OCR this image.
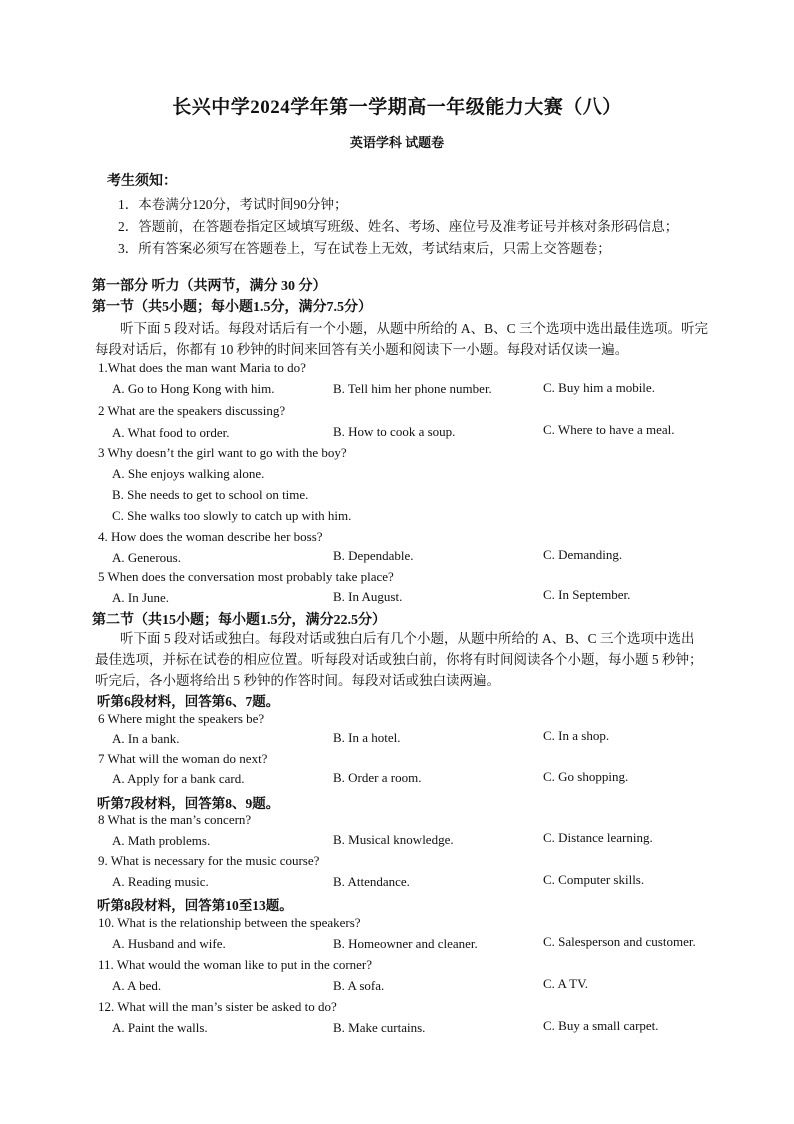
长兴中学2024学年第一学期高一年级能力大赛（八）
英语学科 试题卷
考生须知：
1．本卷满分120分，考试时间90分钟；
2．答题前，在答题卷指定区域填写班级、姓名、考场、座位号及准考证号并核对条形码信息；
3．所有答案必须写在答题卷上，写在试卷上无效，考试结束后，只需上交答题卷；
第一部分 听力（共两节，满分 30 分）
第一节（共5小题；每小题1.5分，满分7.5分）
听下面 5 段对话。每段对话后有一个小题，从题中所给的 A、B、C 三个选项中选出最佳选项。听完
每段对话后，你都有 10 秒钟的时间来回答有关小题和阅读下一小题。每段对话仅读一遍。
1.What does the man want Maria to do?
A. Go to Hong Kong with him.	B. Tell him her phone number.	C. Buy him a mobile.
2 What are the speakers discussing?
A. What food to order.	B. How to cook a soup.	C. Where to have a meal.
3 Why doesn’t the girl want to go with the boy?
A. She enjoys walking alone.
B. She needs to get to school on time.
C. She walks too slowly to catch up with him.
4. How does the woman describe her boss?
A. Generous.	B. Dependable.	C. Demanding.
5 When does the conversation most probably take place?
A. In June.	B. In August.	C. In September.
第二节（共15小题；每小题1.5分，满分22.5分）
听下面 5 段对话或独白。每段对话或独白后有几个小题，从题中所给的 A、B、C 三个选项中选出
最佳选项，并标在试卷的相应位置。听每段对话或独白前，你将有时间阅读各个小题，每小题 5 秒钟；
听完后，各小题将给出 5 秒钟的作答时间。每段对话或独白读两遍。
听第6段材料，回答第6、7题。
6 Where might the speakers be?
A. In a bank.	B. In a hotel.	C. In a shop.
7 What will the woman do next?
A. Apply for a bank card.	B. Order a room.	C. Go shopping.
听第7段材料，回答第8、9题。
8 What is the man’s concern?
A. Math problems.	B. Musical knowledge.	C. Distance learning.
9. What is necessary for the music course?
A. Reading music.	B. Attendance.	C. Computer skills.
听第8段材料，回答第10至13题。
10. What is the relationship between the speakers?
A. Husband and wife.	B. Homeowner and cleaner.	C. Salesperson and customer.
11. What would the woman like to put in the corner?
A. A bed.	B. A sofa.	C. A TV.
12. What will the man’s sister be asked to do?
A. Paint the walls.	B. Make curtains.	C. Buy a small carpet.
